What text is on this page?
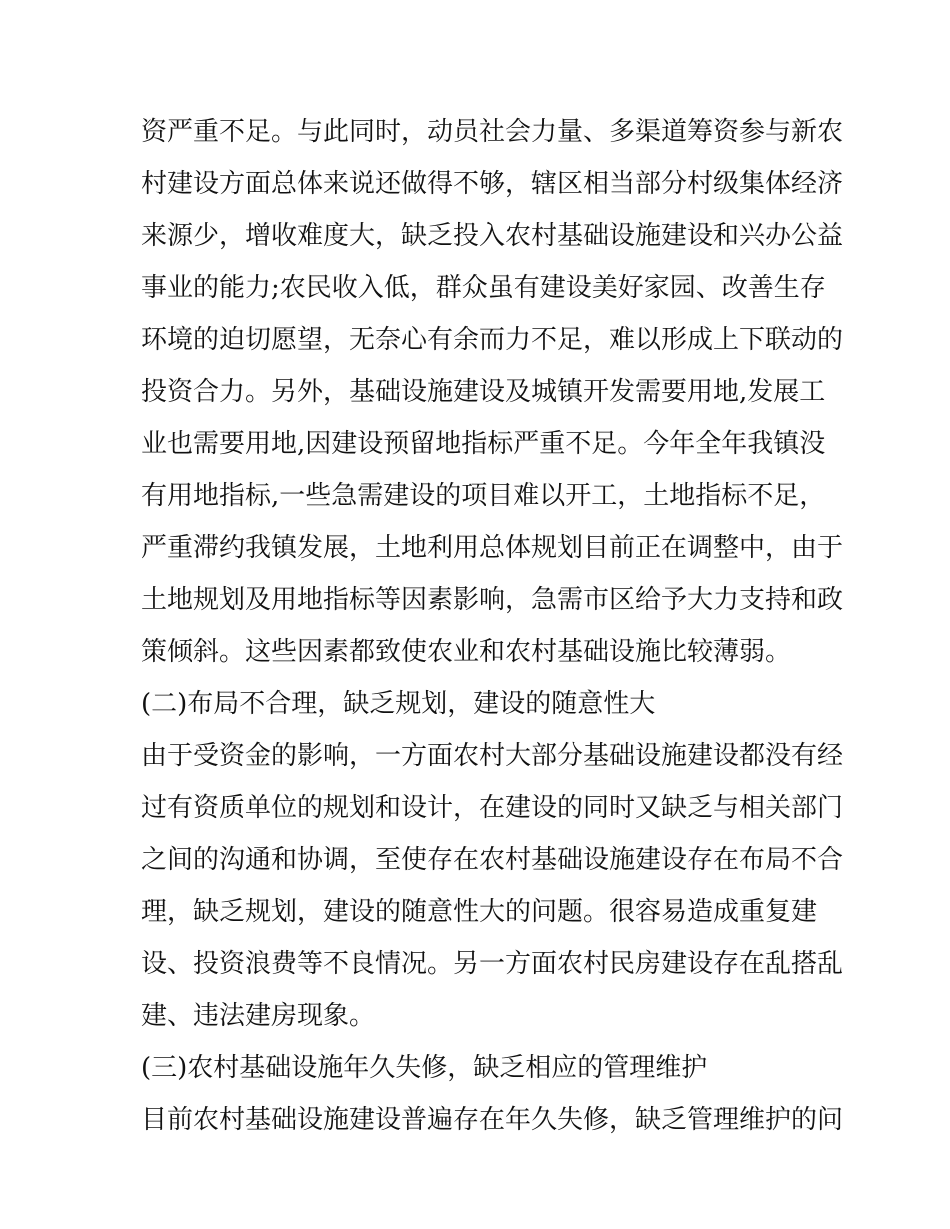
资严重不足。与此同时，动员社会力量、多渠道筹资参与新农
村建设方面总体来说还做得不够，辖区相当部分村级集体经济
来源少，增收难度大，缺乏投入农村基础设施建设和兴办公益
事业的能力;农民收入低，群众虽有建设美好家园、改善生存
环境的迫切愿望，无奈心有余而力不足，难以形成上下联动的
投资合力。另外，基础设施建设及城镇开发需要用地,发展工
业也需要用地,因建设预留地指标严重不足。今年全年我镇没
有用地指标,一些急需建设的项目难以开工，土地指标不足，
严重滞约我镇发展，土地利用总体规划目前正在调整中，由于
土地规划及用地指标等因素影响，急需市区给予大力支持和政
策倾斜。这些因素都致使农业和农村基础设施比较薄弱。
(二)布局不合理，缺乏规划，建设的随意性大
由于受资金的影响，一方面农村大部分基础设施建设都没有经
过有资质单位的规划和设计，在建设的同时又缺乏与相关部门
之间的沟通和协调，至使存在农村基础设施建设存在布局不合
理，缺乏规划，建设的随意性大的问题。很容易造成重复建
设、投资浪费等不良情况。另一方面农村民房建设存在乱搭乱
建、违法建房现象。
(三)农村基础设施年久失修，缺乏相应的管理维护
目前农村基础设施建设普遍存在年久失修，缺乏管理维护的问
